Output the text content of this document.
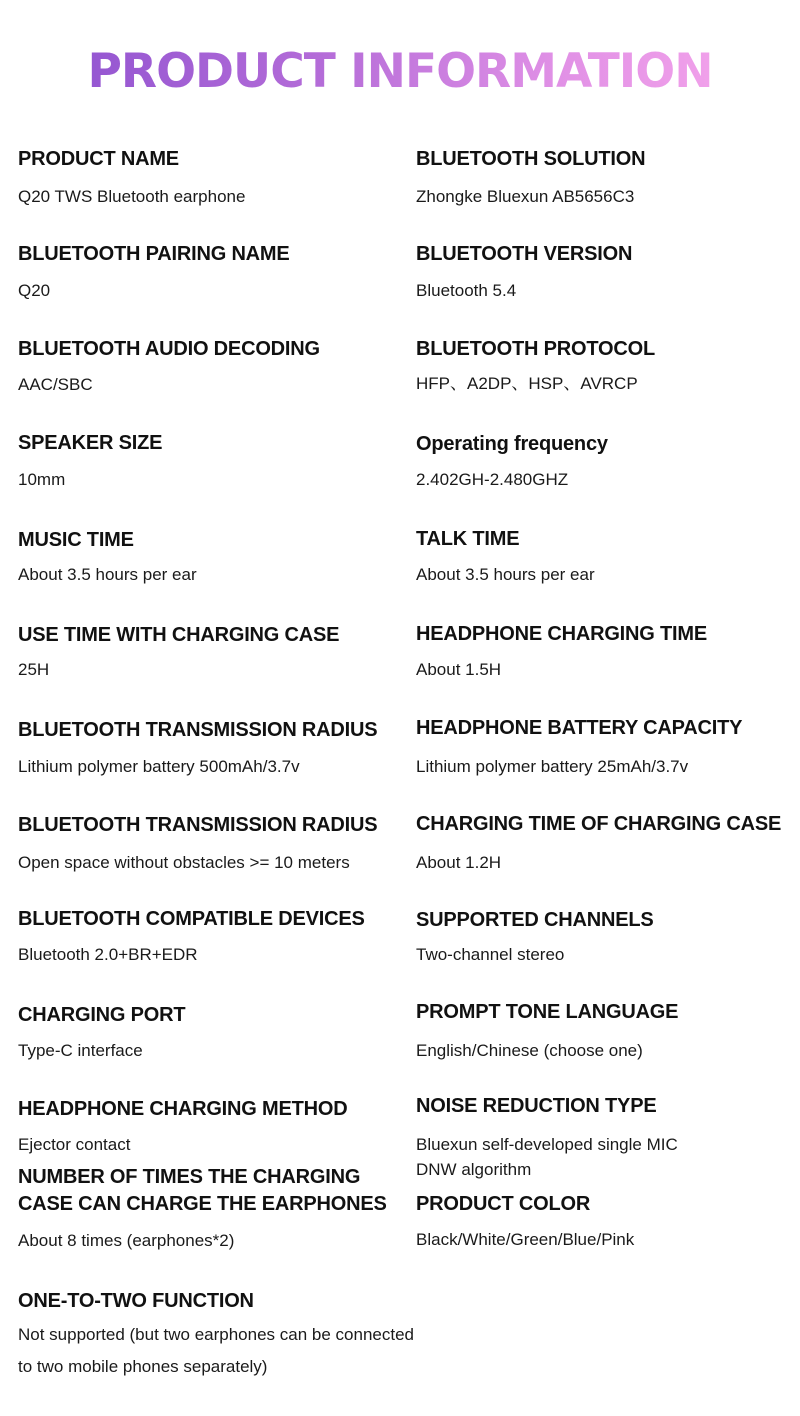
PRODUCT INFORMATION
PRODUCT NAME
Q20 TWS Bluetooth earphone
BLUETOOTH PAIRING NAME
Q20
BLUETOOTH AUDIO DECODING
AAC/SBC
SPEAKER SIZE
10mm
MUSIC TIME
About 3.5 hours per ear
USE TIME WITH CHARGING CASE
25H
BLUETOOTH TRANSMISSION RADIUS
Lithium polymer battery 500mAh/3.7v
BLUETOOTH TRANSMISSION RADIUS
Open space without obstacles >= 10 meters
BLUETOOTH COMPATIBLE DEVICES
Bluetooth 2.0+BR+EDR
CHARGING PORT
Type-C interface
HEADPHONE CHARGING METHOD
Ejector contact
NUMBER OF TIMES THE CHARGING
CASE CAN CHARGE THE EARPHONES
About 8 times (earphones*2)
ONE-TO-TWO FUNCTION
Not supported (but two earphones can be connected
to two mobile phones separately)
BLUETOOTH SOLUTION
Zhongke Bluexun AB5656C3
BLUETOOTH VERSION
Bluetooth 5.4
BLUETOOTH PROTOCOL
HFP、A2DP、HSP、AVRCP
Operating frequency
2.402GH-2.480GHZ
TALK TIME
About 3.5 hours per ear
HEADPHONE CHARGING TIME
About 1.5H
HEADPHONE BATTERY CAPACITY
Lithium polymer battery 25mAh/3.7v
CHARGING TIME OF CHARGING CASE
About 1.2H
SUPPORTED CHANNELS
Two-channel stereo
PROMPT TONE LANGUAGE
English/Chinese (choose one)
NOISE REDUCTION TYPE
Bluexun self-developed single MIC
DNW algorithm
PRODUCT COLOR
Black/White/Green/Blue/Pink
